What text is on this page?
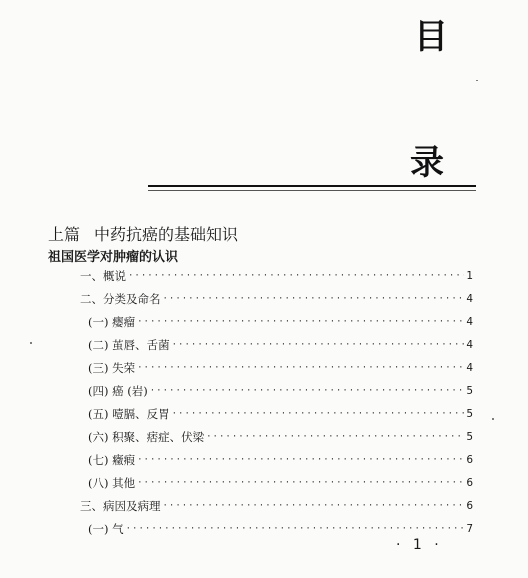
目
录
上篇 中药抗癌的基础知识
祖国医学对肿瘤的认识
一、概说 ·····	1
二、分类及命名 ·····	4
(一) 瘿瘤 ·····	4
(二) 茧唇、舌菌 ·····	4
(三) 失荣 ·····	4
(四) 癌 (岩) ·····	5
(五) 噎膈、反胃 ·····	5
(六) 积聚、痞症、伏梁 ·····	5
(七) 癥瘕 ·····	6
(八) 其他 ·····	6
三、病因及病理 ·····	6
(一) 气 ·····	7
· 1 ·
